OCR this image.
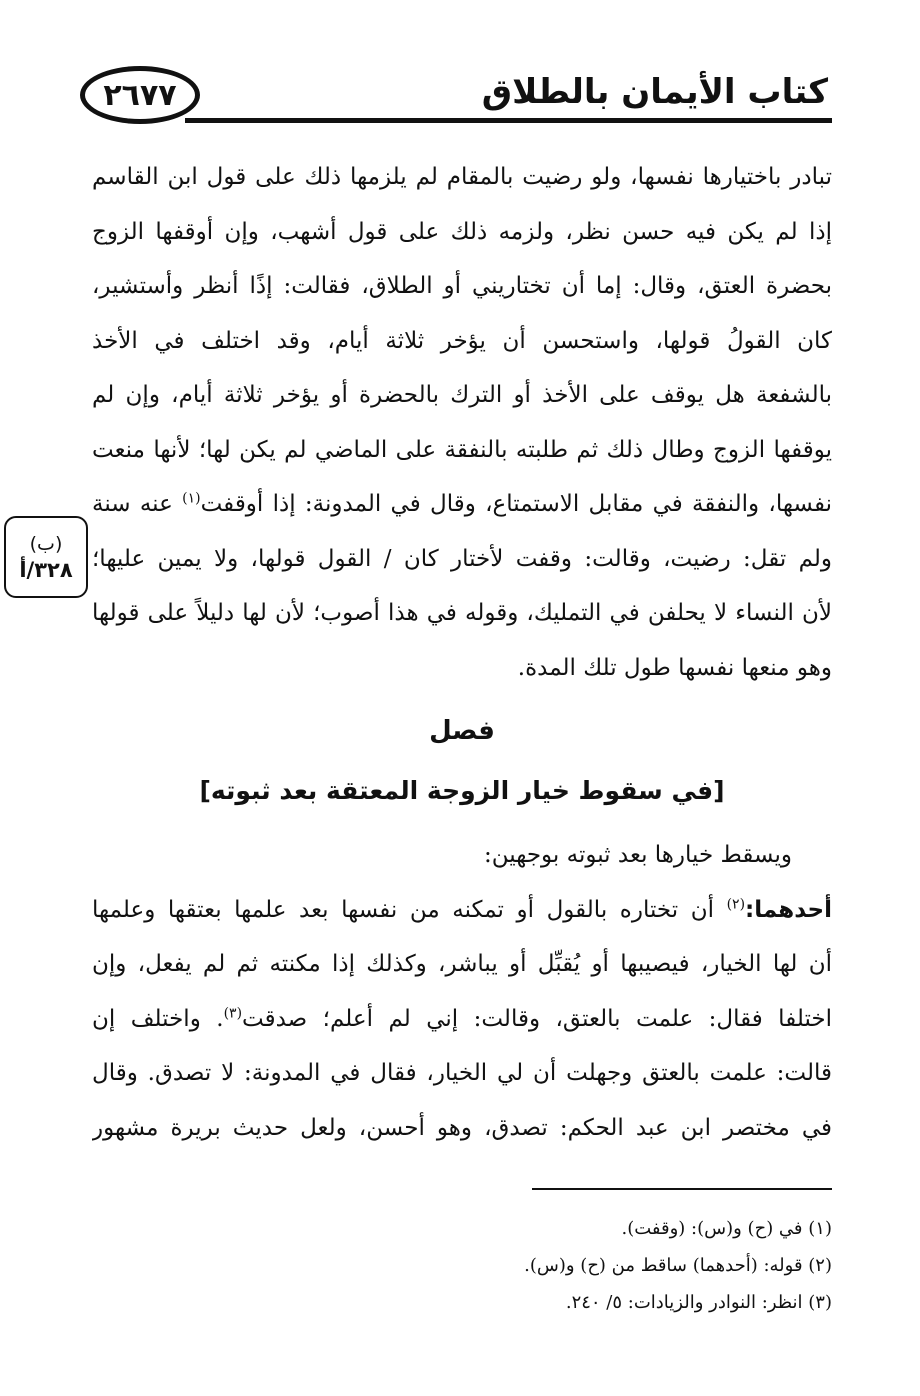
كتاب الأيمان بالطلاق
٢٦٧٧
(ب)
٣٢٨/أ
تبادر باختيارها نفسها، ولو رضيت بالمقام لم يلزمها ذلك على قول ابن القاسم
إذا لم يكن فيه حسن نظر، ولزمه ذلك على قول أشهب، وإن أوقفها الزوج
بحضرة العتق، وقال: إما أن تختاريني أو الطلاق، فقالت: إذًا أنظر وأستشير،
كان القولُ قولها، واستحسن أن يؤخر ثلاثة أيام، وقد اختلف في الأخذ
بالشفعة هل يوقف على الأخذ أو الترك بالحضرة أو يؤخر ثلاثة أيام، وإن لم
يوقفها الزوج وطال ذلك ثم طلبته بالنفقة على الماضي لم يكن لها؛ لأنها منعت
نفسها، والنفقة في مقابل الاستمتاع، وقال في المدونة: إذا أوقفت$^{(١)}$ عنه سنة
ولم تقل: رضيت، وقالت: وقفت لأختار كان / القول قولها، ولا يمين عليها؛
لأن النساء لا يحلفن في التمليك، وقوله في هذا أصوب؛ لأن لها دليلاً على قولها
وهو منعها نفسها طول تلك المدة.
فصل
[في سقوط خيار الزوجة المعتقة بعد ثبوته]
ويسقط خيارها بعد ثبوته بوجهين:
أحدهما:$^{(٢)}$ أن تختاره بالقول أو تمكنه من نفسها بعد علمها بعتقها وعلمها
أن لها الخيار، فيصيبها أو يُقبِّل أو يباشر، وكذلك إذا مكنته ثم لم يفعل، وإن
اختلفا فقال: علمت بالعتق، وقالت: إني لم أعلم؛ صدقت$^{(٣)}$. واختلف إن
قالت: علمت بالعتق وجهلت أن لي الخيار، فقال في المدونة: لا تصدق. وقال
في مختصر ابن عبد الحكم: تصدق، وهو أحسن، ولعل حديث بريرة مشهور
(١) في (ح) و(س): (وقفت).
(٢) قوله: (أحدهما) ساقط من (ح) و(س).
(٣) انظر: النوادر والزيادات: ٥/ ٢٤٠.
